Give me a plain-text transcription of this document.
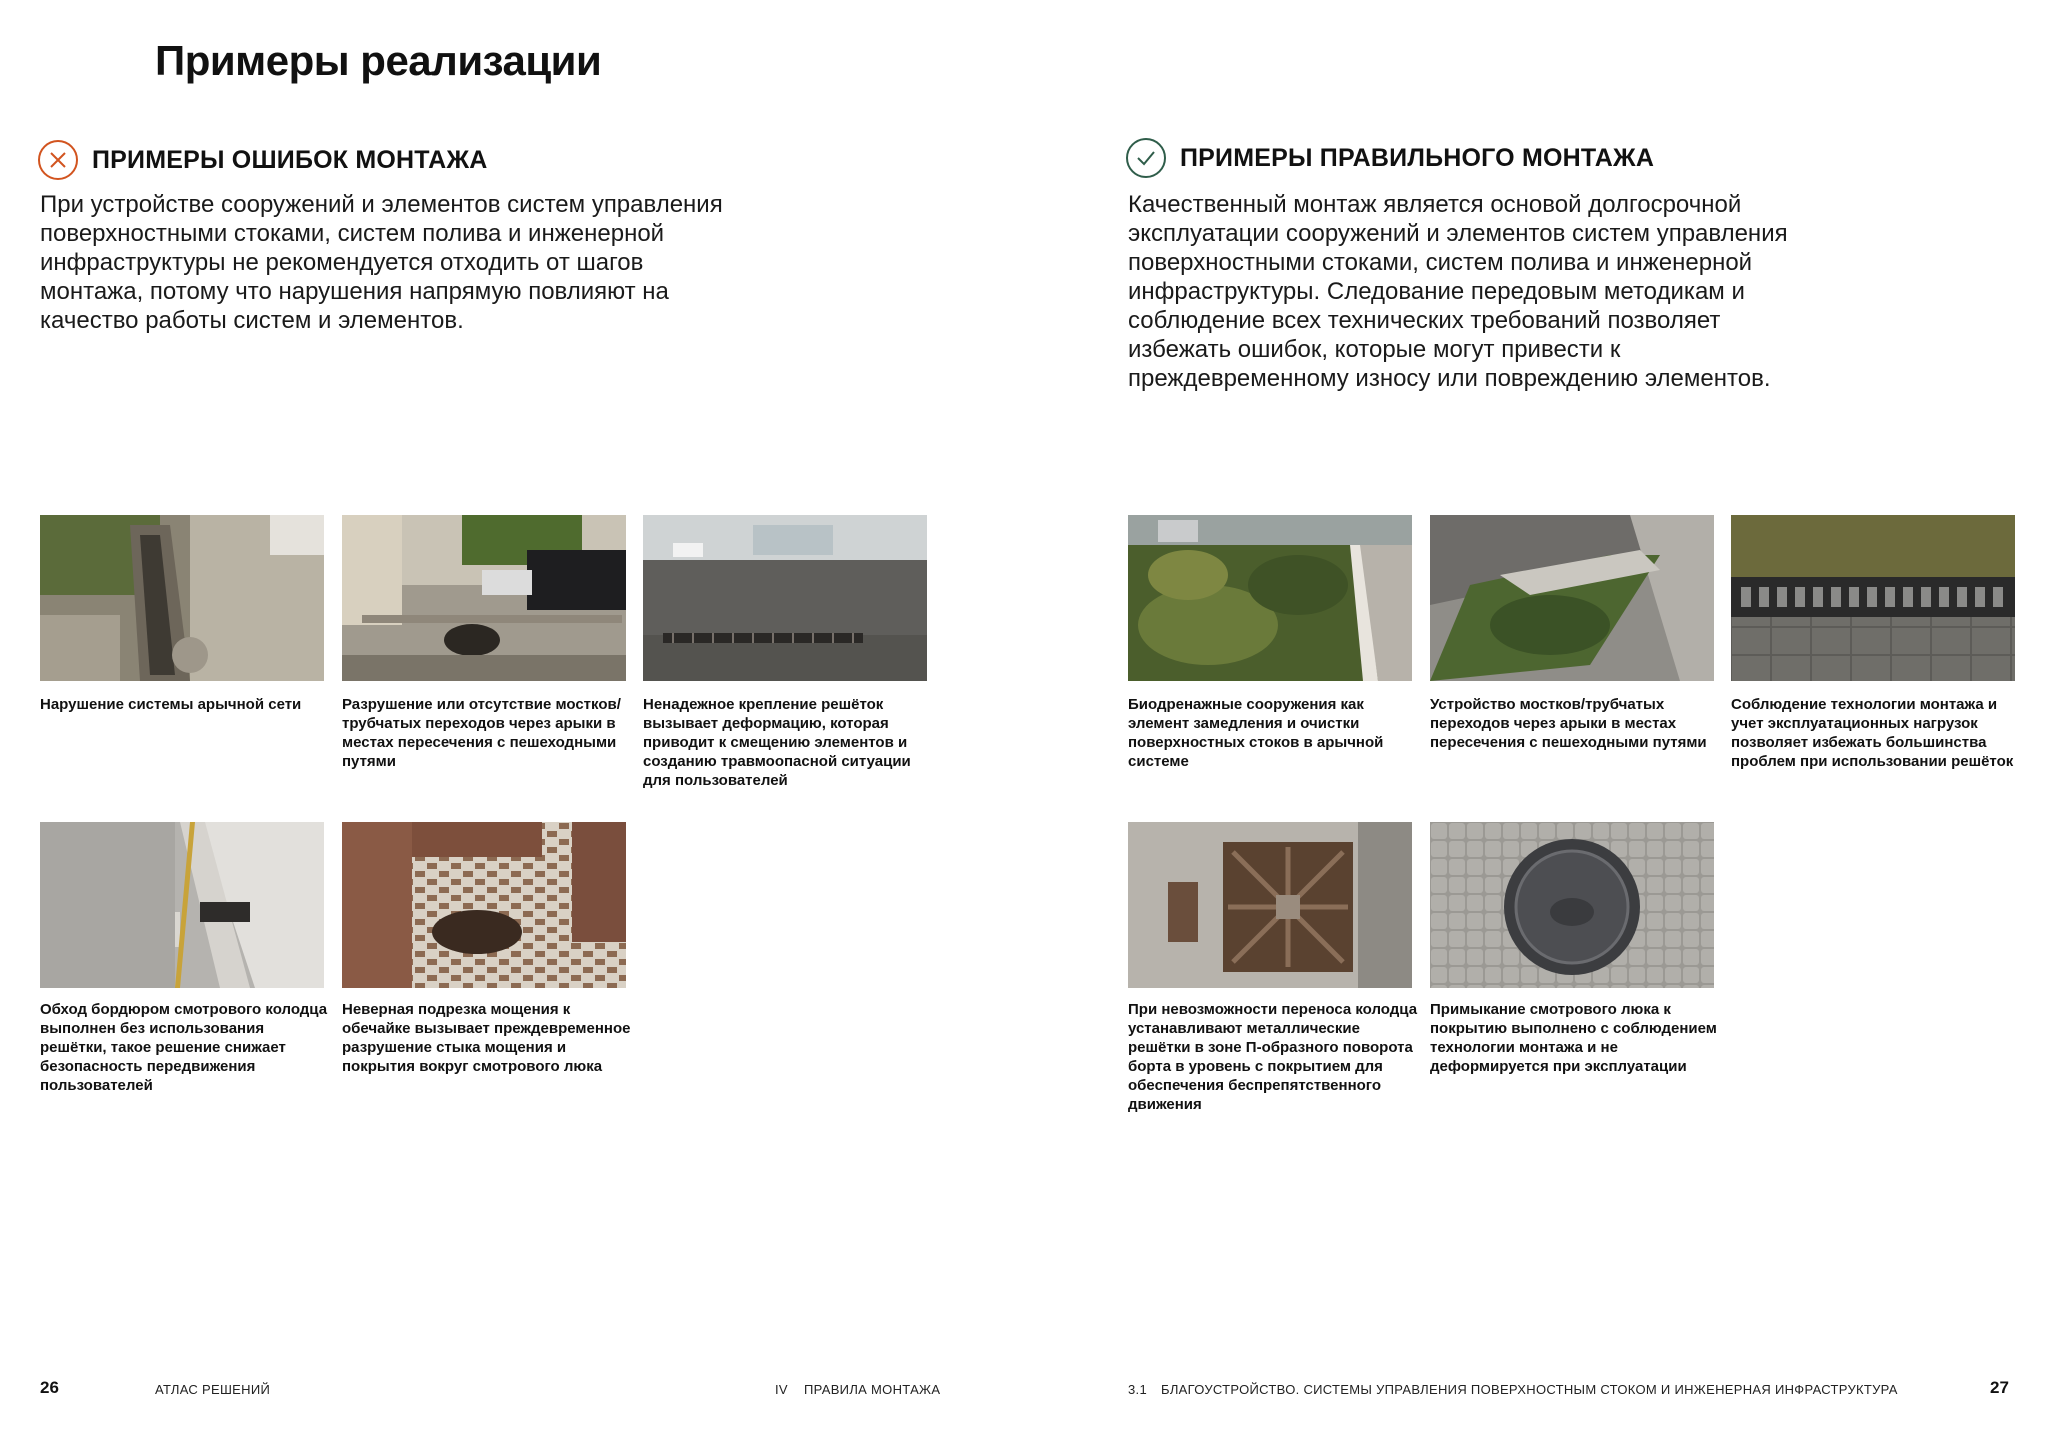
Примеры реализации
ПРИМЕРЫ ОШИБОК МОНТАЖА

При устройстве сооружений и элементов систем управления поверхностными стоками, систем полива и инженерной инфраструктуры не рекомендуется отходить от шагов монтажа, потому что нарушения напрямую повлияют на качество работы систем и элементов.

ПРИМЕРЫ ПРАВИЛЬНОГО МОНТАЖА

Качественный монтаж является основой долгосрочной эксплуатации сооружений и элементов систем управления поверхностными стоками, систем полива и инженерной инфраструктуры. Следование передовым методикам и соблюдение всех технических требований позволяет избежать ошибок, которые могут привести к преждевременному износу или повреждению элементов.

Нарушение системы арычной сети	Разрушение или отсутствие мостков/трубчатых переходов через арыки в местах пересечения с пешеходными путями

Ненадежное крепление решёток вызывает деформацию, которая приводит к смещению элементов и созданию травмоопасной ситуации для пользователей

Обход бордюром смотрового колодца выполнен без использования решётки, такое решение снижает безопасность передвижения пользователей

Неверная подрезка мощения к обечайке вызывает преждевременное разрушение стыка мощения и покрытия вокруг смотрового люка

Биодренажные сооружения как элемент замедления и очистки поверхностных стоков в арычной системе

Устройство мостков/трубчатых переходов через арыки в местах пересечения с пешеходными путями

Соблюдение технологии монтажа и учет эксплуатационных нагрузок позволяет избежать большинства проблем при использовании решёток

При невозможности переноса колодца устанавливают металлические решётки в зоне П-образного поворота борта в уровень с покрытием для обеспечения беспрепятственного движения

Примыкание смотрового люка к покрытию выполнено с соблюдением технологии монтажа и не деформируется при эксплуатации

26	АТЛАС РЕШЕНИЙ	IV ПРАВИЛА МОНТАЖА	3.1 БЛАГОУСТРОЙСТВО. СИСТЕМЫ УПРАВЛЕНИЯ ПОВЕРХНОСТНЫМ СТОКОМ И ИНЖЕНЕРНАЯ ИНФРАСТРУКТУРА	27
